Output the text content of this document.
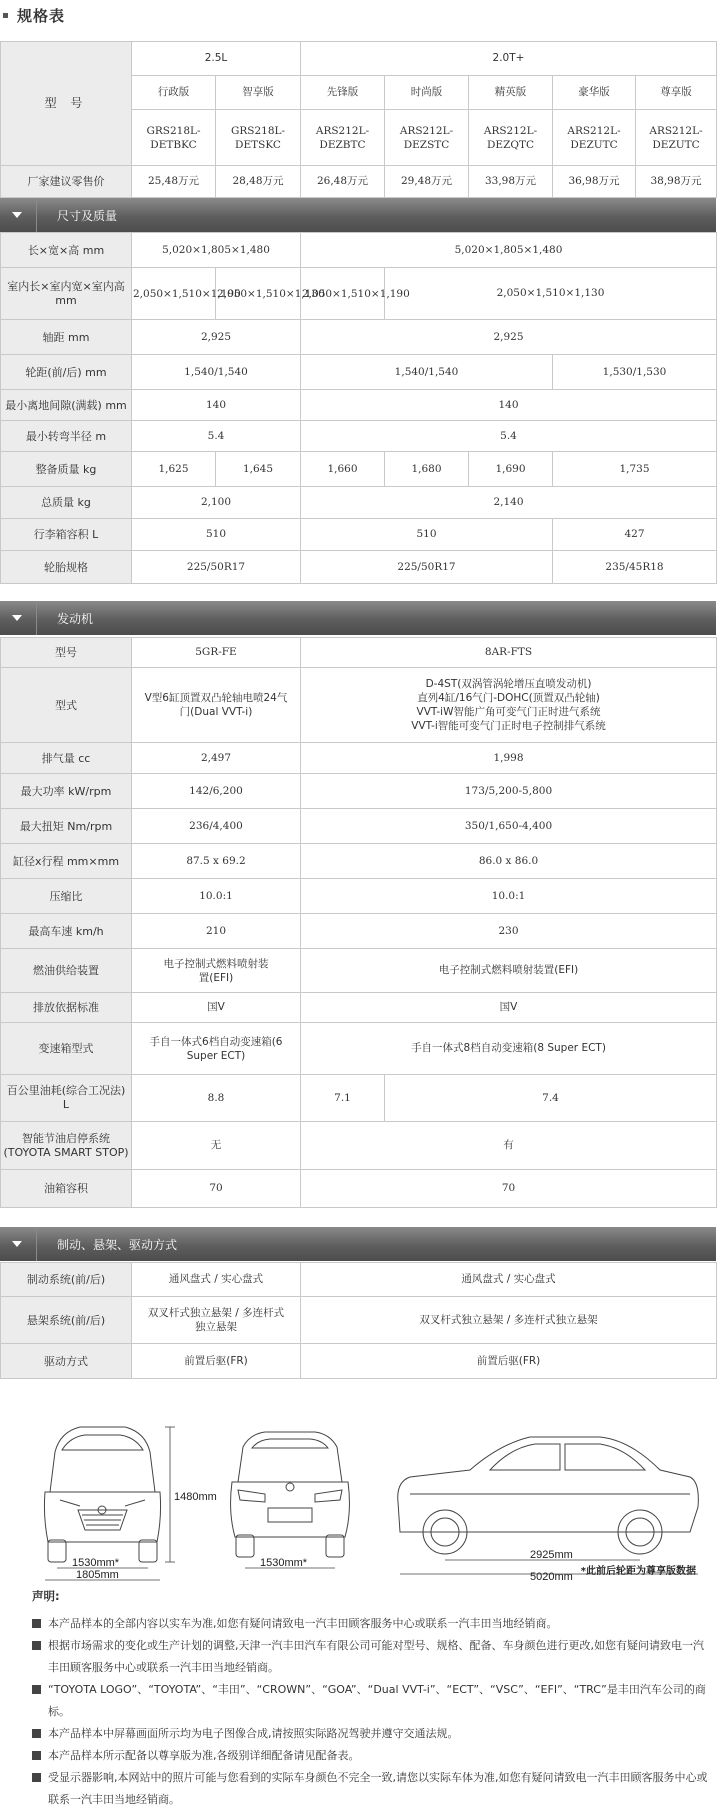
规格表
型 号	2.5L		2.0T+				
	行政版	智享版	先锋版	时尚版	精英版	豪华版	尊享版
	GRS218L-DETBKC	GRS218L-DETSKC	ARS212L-DEZBTC	ARS212L-DEZSTC	ARS212L-DEZQTC	ARS212L-DEZUTC	ARS212L-DEZUTC
厂家建议零售价	25,48万元	28,48万元	26,48万元	29,48万元	33,98万元	36,98万元	38,98万元
尺寸及质量
长×宽×高 mm	5,020×1,805×1,480		5,020×1,805×1,480			
室内长×室内宽×室内高 mm	2,050×1,510×1,190	2,050×1,510×1,130	2,050×1,510×1,190	2,050×1,510×1,130		
轴距 mm	2,925		2,925			
轮距(前/后) mm	1,540/1,540		1,540/1,540			1,530/1,530
最小离地间隙(满载) mm	140		140			
最小转弯半径 m	5.4		5.4			
整备质量 kg	1,625	1,645	1,660	1,680	1,690	1,735
总质量 kg	2,100		2,140			
行李箱容积 L	510		510			427
轮胎规格	225/50R17		225/50R17			235/45R18
发动机
型号	5GR-FE	8AR-FTS	
型式	V型6缸顶置双凸轮轴电喷24气门(Dual VVT-i)	D-4ST(双涡管涡轮增压直喷发动机)
直列4缸/16气门-DOHC(顶置双凸轮轴)
VVT-iW智能广角可变气门正时进气系统
VVT-i智能可变气门正时电子控制排气系统	

排气量 cc	2,497	1,998	
最大功率 kW/rpm	142/6,200	173/5,200-5,800	
最大扭矩 Nm/rpm	236/4,400	350/1,650-4,400	
缸径x行程 mm×mm	87.5 x 69.2	86.0 x 86.0	
压缩比	10.0:1	10.0:1	
最高车速 km/h	210	230	
燃油供给装置	电子控制式燃料喷射装置(EFI)	电子控制式燃料喷射装置(EFI)	
排放依据标准	国Ⅴ	国Ⅴ	
变速箱型式	手自一体式6档自动变速箱(6 Super ECT)	手自一体式8档自动变速箱(8 Super ECT)	
百公里油耗(综合工况法) L	8.8	7.1	7.4
智能节油启停系统(TOYOTA SMART STOP)	无	有	
油箱容积	70	70	
制动、悬架、驱动方式
制动系统(前/后)	通风盘式 / 实心盘式	通风盘式 / 实心盘式
悬架系统(前/后)	双叉杆式独立悬架 / 多连杆式独立悬架	双叉杆式独立悬架 / 多连杆式独立悬架
驱动方式	前置后驱(FR)	前置后驱(FR)
1480mm
1530mm*
1805mm
1530mm*
2925mm
5020mm *此前后轮距为尊享版数据
声明:
本产品样本的全部内容以实车为准,如您有疑问请致电一汽丰田顾客服务中心或联系一汽丰田当地经销商。
根据市场需求的变化或生产计划的调整,天津一汽丰田汽车有限公司可能对型号、规格、配备、车身颜色进行更改,如您有疑问请致电一汽丰田顾客服务中心或联系一汽丰田当地经销商。
“TOYOTA LOGO”、“TOYOTA”、“丰田”、“CROWN”、“GOA”、“Dual VVT-i”、“ECT”、“VSC”、“EFI”、“TRC”是丰田汽车公司的商标。
本产品样本中屏幕画面所示均为电子图像合成,请按照实际路况驾驶并遵守交通法规。
本产品样本所示配备以尊享版为准,各级别详细配备请见配备表。
受显示器影响,本网站中的照片可能与您看到的实际车身颜色不完全一致,请您以实际车体为准,如您有疑问请致电一汽丰田顾客服务中心或联系一汽丰田当地经销商。
